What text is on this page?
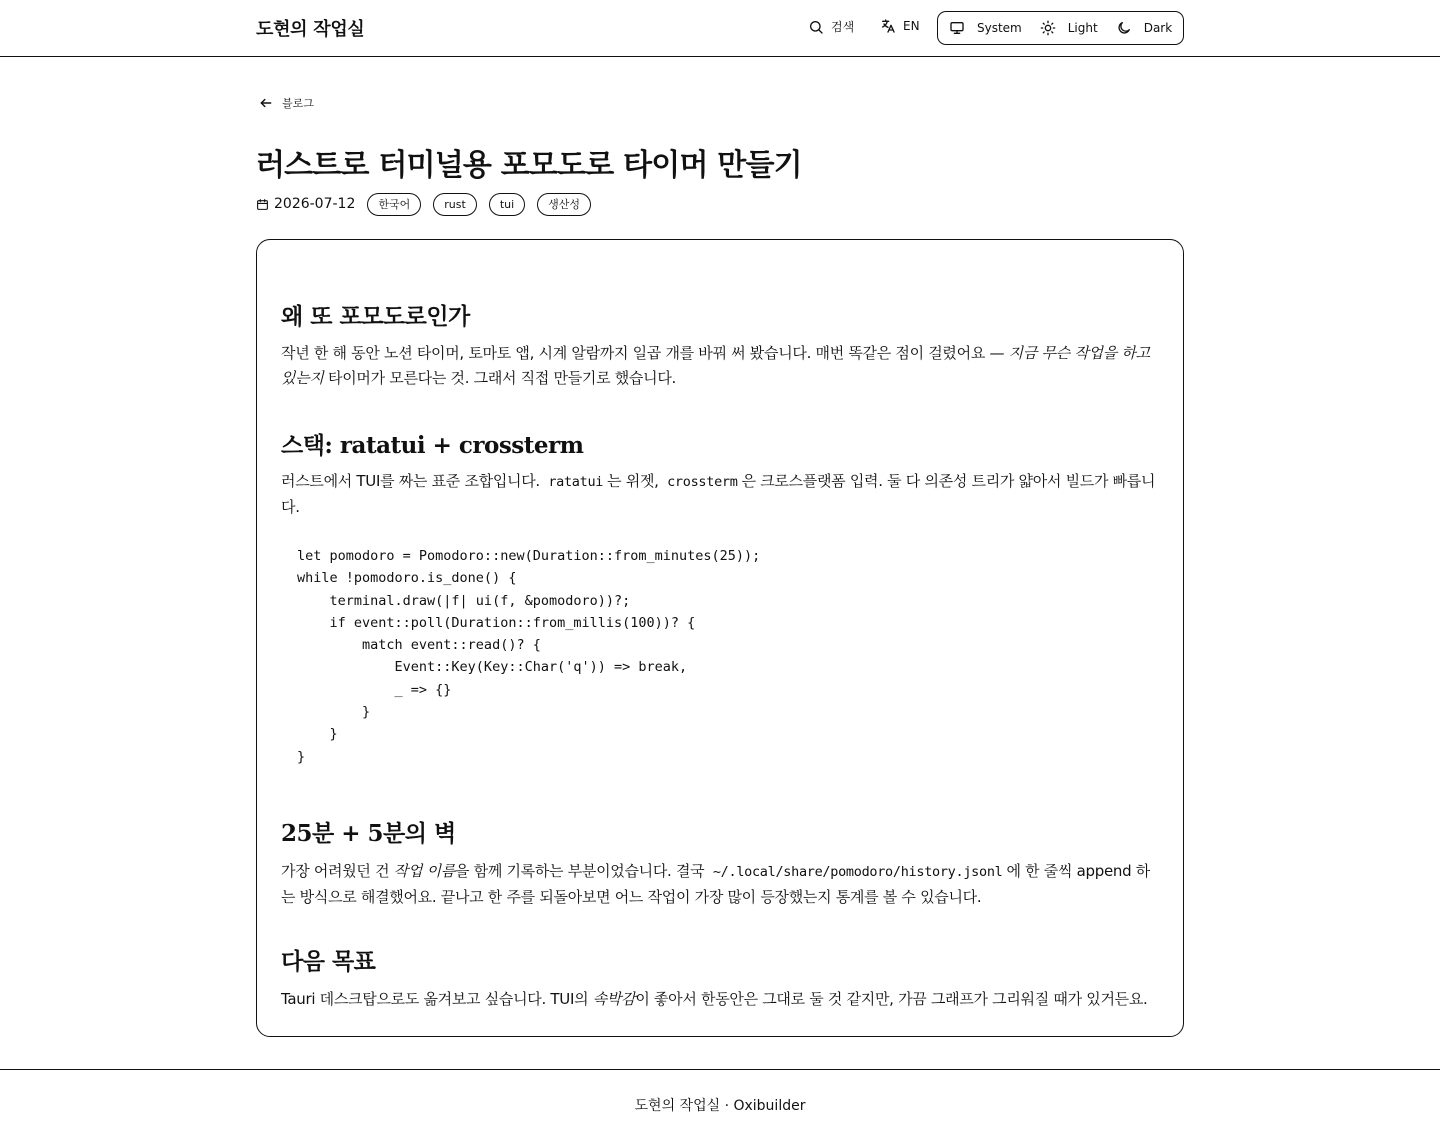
도현의 작업실	검색	EN	System	Light	Dark
블로그
러스트로 터미널용 포모도로 타이머 만들기
2026-07-12	한국어	rust	tui	생산성
왜 또 포모도로인가

작년 한 해 동안 노션 타이머, 토마토 앱, 시계 알람까지 일곱 개를 바꿔 써 봤습니다. 매번 똑같은 점이 걸렸어요 — 지금 무슨 작업을 하고 있는지 타이머가 모른다는 것. 그래서 직접 만들기로 했습니다.

스택: ratatui + crossterm

러스트에서 TUI를 짜는 표준 조합입니다. ratatui 는 위젯, crossterm 은 크로스플랫폼 입력. 둘 다 의존성 트리가 얇아서 빌드가 빠릅니다.

let pomodoro = Pomodoro::new(Duration::from_minutes(25));
while !pomodoro.is_done() {
terminal.draw(|f| ui(f, &pomodoro))?;
if event::poll(Duration::from_millis(100))? {
match event::read()? {
Event::Key(Key::Char('q')) => break,
_ => {}
}
}
}
25분 + 5분의 벽

가장 어려웠던 건 작업 이름을 함께 기록하는 부분이었습니다. 결국 ~/.local/share/pomodoro/history.jsonl 에 한 줄씩 append 하는 방식으로 해결했어요. 끝나고 한 주를 되돌아보면 어느 작업이 가장 많이 등장했는지 통계를 볼 수 있습니다.

다음 목표

Tauri 데스크탑으로도 옮겨보고 싶습니다. TUI의 속박감이 좋아서 한동안은 그대로 둘 것 같지만, 가끔 그래프가 그리워질 때가 있거든요.

도현의 작업실 · Oxibuilder
